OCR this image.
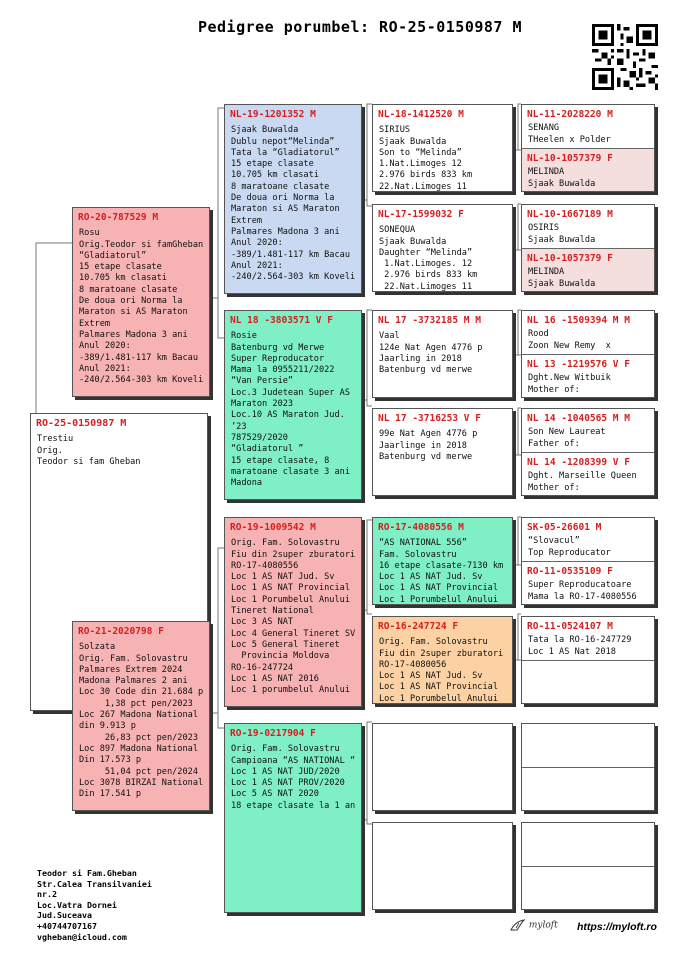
Pedigree porumbel: RO-25-0150987 M
RO-25-0150987 M
Trestiu
Orig.
Teodor si fam Gheban
RO-20-787529 M
Rosu
Orig.Teodor si famGheban
“Gladiatorul”
15 etape clasate
10.705 km clasati
8 maratoane clasate
De doua ori Norma la
Maraton si AS Maraton
Extrem
Palmares Madona 3 ani
Anul 2020:
-389/1.481-117 km Bacau
Anul 2021:
-240/2.564-303 km Koveli
RO-21-2020798 F
Solzata
Orig. Fam. Solovastru
Palmares Extrem 2024
Madona Palmares 2 ani
Loc 30 Code din 21.684 p
1,38 pct pen/2023
Loc 267 Madona National
din 9.913 p
26,83 pct pen/2023
Loc 897 Madona National
Din 17.573 p
51,04 pct pen/2024
Loc 3078 BIRZAI National
Din 17.541 p
NL-19-1201352 M
Sjaak Buwalda
Dublu nepot“Melinda”
Tata la “Gladiatorul”
15 etape clasate
10.705 km clasati
8 maratoane clasate
De doua ori Norma la
Maraton si AS Maraton
Extrem
Palmares Madona 3 ani
Anul 2020:
-389/1.481-117 km Bacau
Anul 2021:
-240/2.564-303 km Koveli
NL 18 -3803571 V F
Rosie
Batenburg vd Merwe
Super Reproducator
Mama la 0955211/2022
“Van Persie”
Loc.3 Judetean Super AS
Maraton 2023
Loc.10 AS Maraton Jud.
’23
787529/2020
“Gladiatorul ”
15 etape clasate, 8
maratoane clasate 3 ani
Madona
RO-19-1009542 M
Orig. Fam. Solovastru
Fiu din 2super zburatori
RO-17-4080556
Loc 1 AS NAT Jud. Sv
Loc 1 AS NAT Provincial
Loc 1 Porumbelul Anului
Tineret National
Loc 3 AS NAT
Loc 4 General Tineret SV
Loc 5 General Tineret
Provincia Moldova
RO-16-247724
Loc 1 AS NAT 2016
Loc 1 porumbelul Anului
RO-19-0217904 F
Orig. Fam. Solovastru
Campioana “AS NATIONAL “
Loc 1 AS NAT JUD/2020
Loc 1 AS NAT PROV/2020
Loc 5 AS NAT 2020
18 etape clasate la 1 an
NL-18-1412520 M
SIRIUS
Sjaak Buwalda
Son to “Melinda”
1.Nat.Limoges 12
2.976 birds 833 km
22.Nat.Limoges 11
NL-17-1599032 F
SONEQUA
Sjaak Buwalda
Daughter “Melinda”
1.Nat.Limoges. 12
2.976 birds 833 km
22.Nat.Limoges 11
NL 17 -3732185 M M
Vaal
124e Nat Agen 4776 p
Jaarling in 2018
Batenburg vd merwe
NL 17 -3716253 V F
99e Nat Agen 4776 p
Jaarlinge in 2018
Batenburg vd merwe
RO-17-4080556 M
“AS NATIONAL 556”
Fam. Solovastru
16 etape clasate-7130 km
Loc 1 AS NAT Jud. Sv
Loc 1 AS NAT Provincial
Loc 1 Porumbelul Anului
RO-16-247724 F
Orig. Fam. Solovastru
Fiu din 2super zburatori
RO-17-4080056
Loc 1 AS NAT Jud. Sv
Loc 1 AS NAT Provincial
Loc 1 Porumbelul Anului
NL-11-2028220 M
SENANG
THeelen x Polder
NL-10-1057379 F
MELINDA
Sjaak Buwalda
NL-10-1667189 M
OSIRIS
Sjaak Buwalda
NL-10-1057379 F
MELINDA
Sjaak Buwalda
NL 16 -1509394 M M
Rood
Zoon New Remy  x
NL 13 -1219576 V F
Dght.New Witbuik
Mother of:
NL 14 -1040565 M M
Son New Laureat
Father of:
NL 14 -1208399 V F
Dght. Marseille Queen
Mother of:
SK-05-26601 M
“Slovacul”
Top Reproducator
RO-11-0535109 F
Super Reproducatoare
Mama la RO-17-4080556
RO-11-0524107 M
Tata la RO-16-247729
Loc 1 AS Nat 2018
Teodor si Fam.Gheban
Str.Calea Transilvaniei
nr.2
Loc.Vatra Dornei
Jud.Suceava
+40744707167
vgheban@icloud.com
myloft https://myloft.ro
